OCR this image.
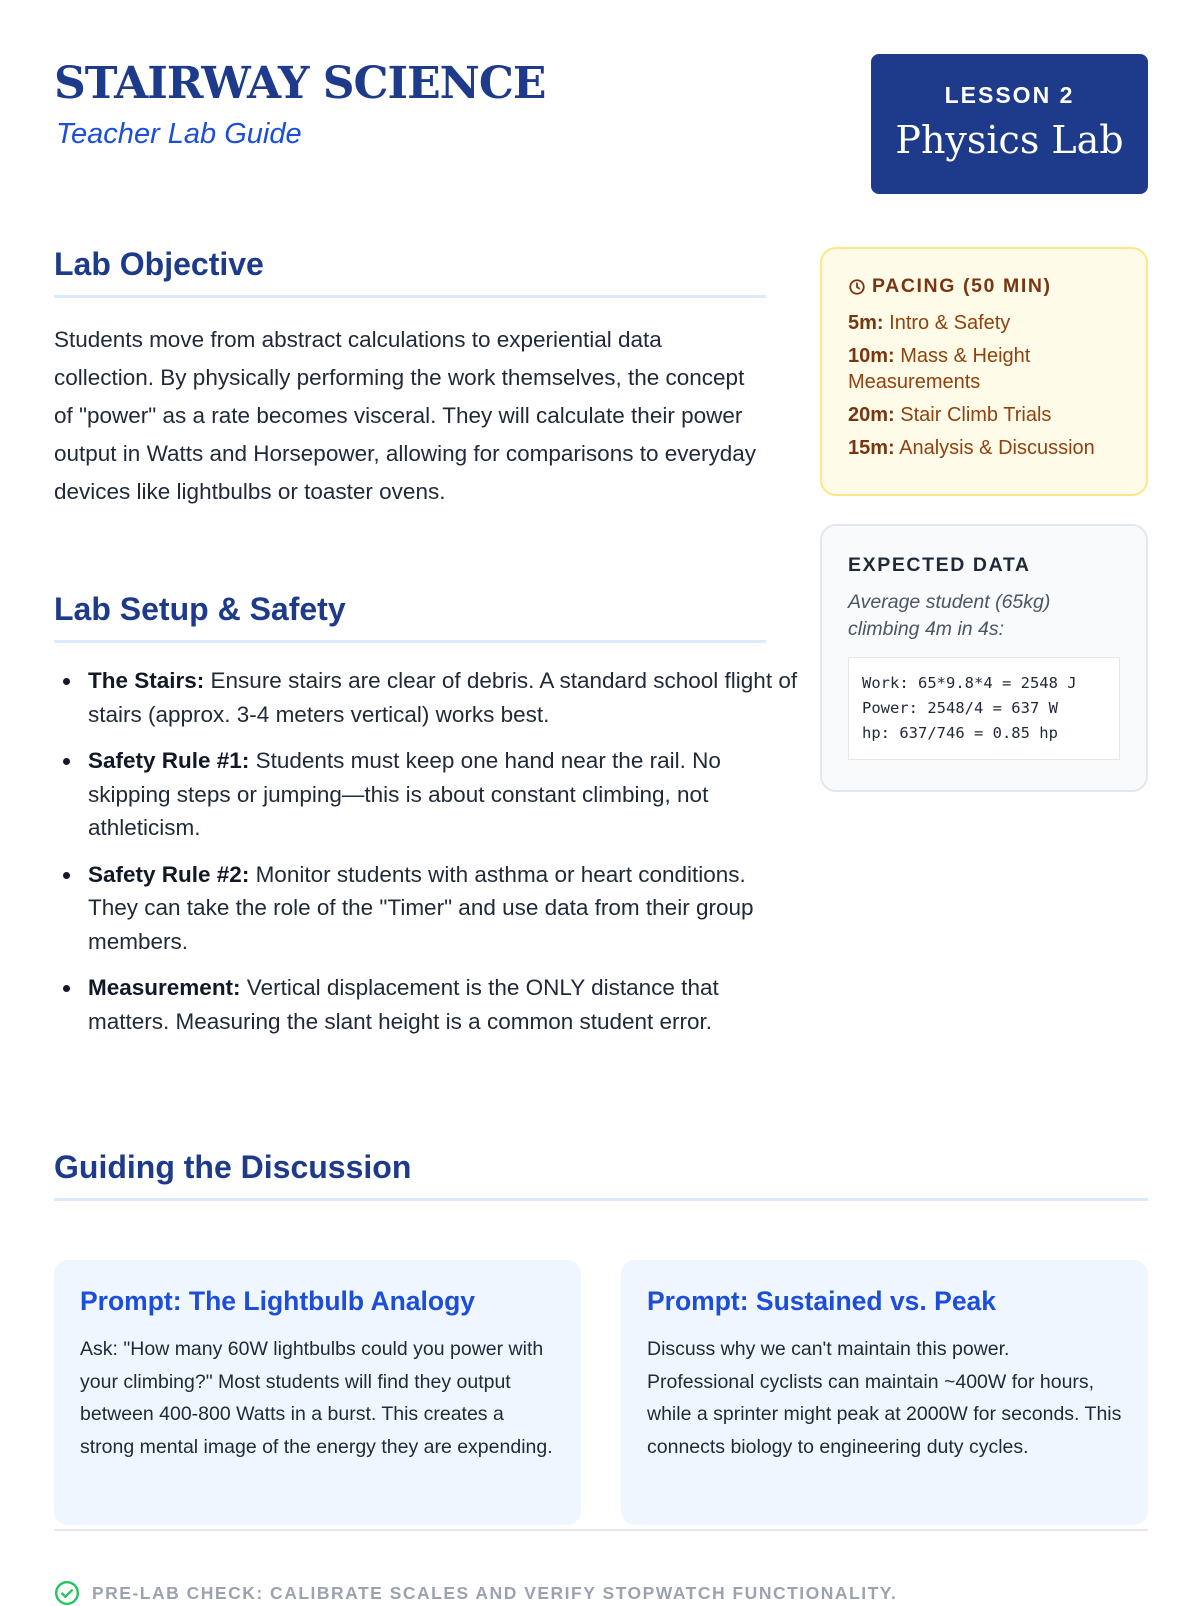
STAIRWAY SCIENCE
Teacher Lab Guide
LESSON 2
Physics Lab
Lab Objective

Students move from abstract calculations to experiential data collection. By physically performing the work themselves, the concept of "power" as a rate becomes visceral. They will calculate their power output in Watts and Horsepower, allowing for comparisons to everyday devices like lightbulbs or toaster ovens.

Lab Setup & Safety
The Stairs: Ensure stairs are clear of debris. A standard school flight of stairs (approx. 3-4 meters vertical) works best.
Safety Rule #1: Students must keep one hand near the rail. No skipping steps or jumping—this is about constant climbing, not athleticism.
Safety Rule #2: Monitor students with asthma or heart conditions. They can take the role of the "Timer" and use data from their group members.
Measurement: Vertical displacement is the ONLY distance that matters. Measuring the slant height is a common student error.
PACING (50 MIN)
5m: Intro & Safety
10m: Mass & Height Measurements
20m: Stair Climb Trials
15m: Analysis & Discussion
EXPECTED DATA
Average student (65kg) climbing 4m in 4s:
Work: 65*9.8*4 = 2548 J
Power: 2548/4 = 637 W
hp: 637/746 = 0.85 hp
Guiding the Discussion
Prompt: The Lightbulb Analogy
Ask: "How many 60W lightbulbs could you power with your climbing?" Most students will find they output between 400-800 Watts in a burst. This creates a strong mental image of the energy they are expending.
Prompt: Sustained vs. Peak
Discuss why we can't maintain this power. Professional cyclists can maintain ~400W for hours, while a sprinter might peak at 2000W for seconds. This connects biology to engineering duty cycles.
PRE-LAB CHECK: CALIBRATE SCALES AND VERIFY STOPWATCH FUNCTIONALITY.
